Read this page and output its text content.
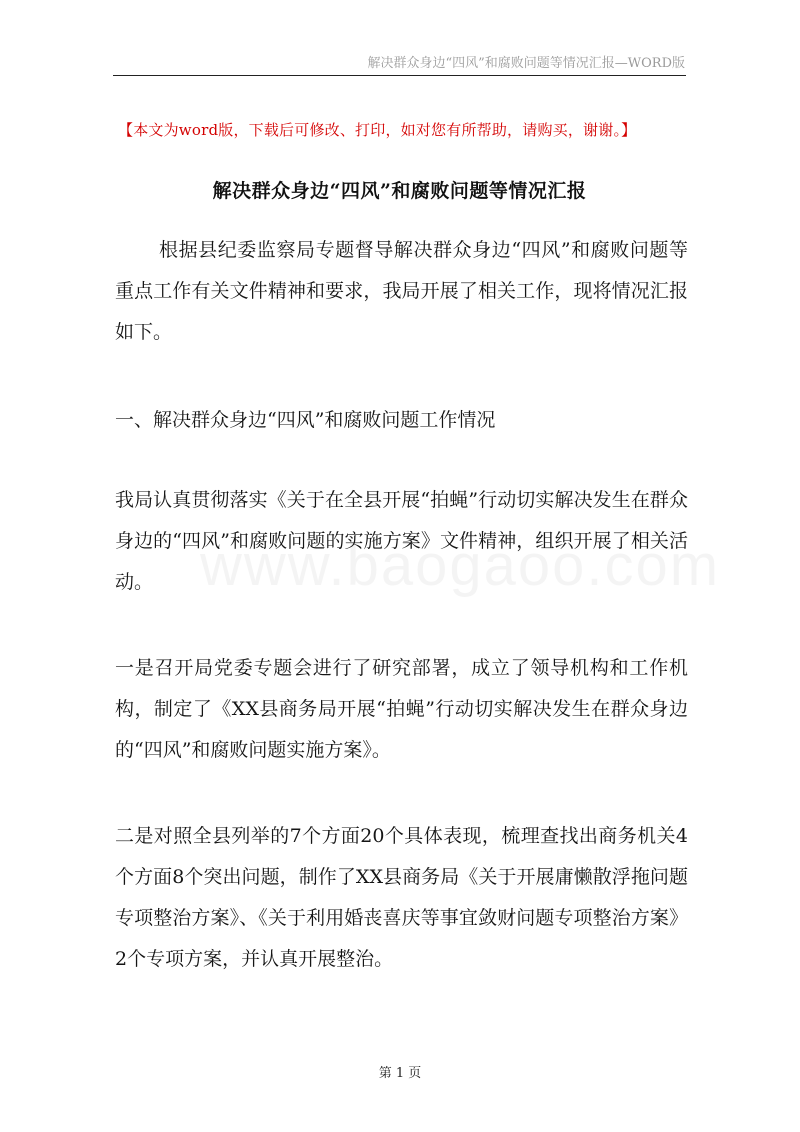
解决群众身边“四风”和腐败问题等情况汇报—WORD版
【本文为word版，下载后可修改、打印，如对您有所帮助，请购买，谢谢。】
解决群众身边“四风”和腐败问题等情况汇报
根据县纪委监察局专题督导解决群众身边“四风”和腐败问题等重点工作有关文件精神和要求，我局开展了相关工作，现将情况汇报如下。
一、解决群众身边“四风”和腐败问题工作情况
我局认真贯彻落实《关于在全县开展“拍蝇”行动切实解决发生在群众身边的“四风”和腐败问题的实施方案》文件精神，组织开展了相关活动。
一是召开局党委专题会进行了研究部署，成立了领导机构和工作机构，制定了《XX县商务局开展“拍蝇”行动切实解决发生在群众身边的“四风”和腐败问题实施方案》。
二是对照全县列举的7个方面20个具体表现，梳理查找出商务机关4个方面8个突出问题，制作了XX县商务局《关于开展庸懒散浮拖问题专项整治方案》、《关于利用婚丧喜庆等事宜敛财问题专项整治方案》2个专项方案，并认真开展整治。
第 1 页
